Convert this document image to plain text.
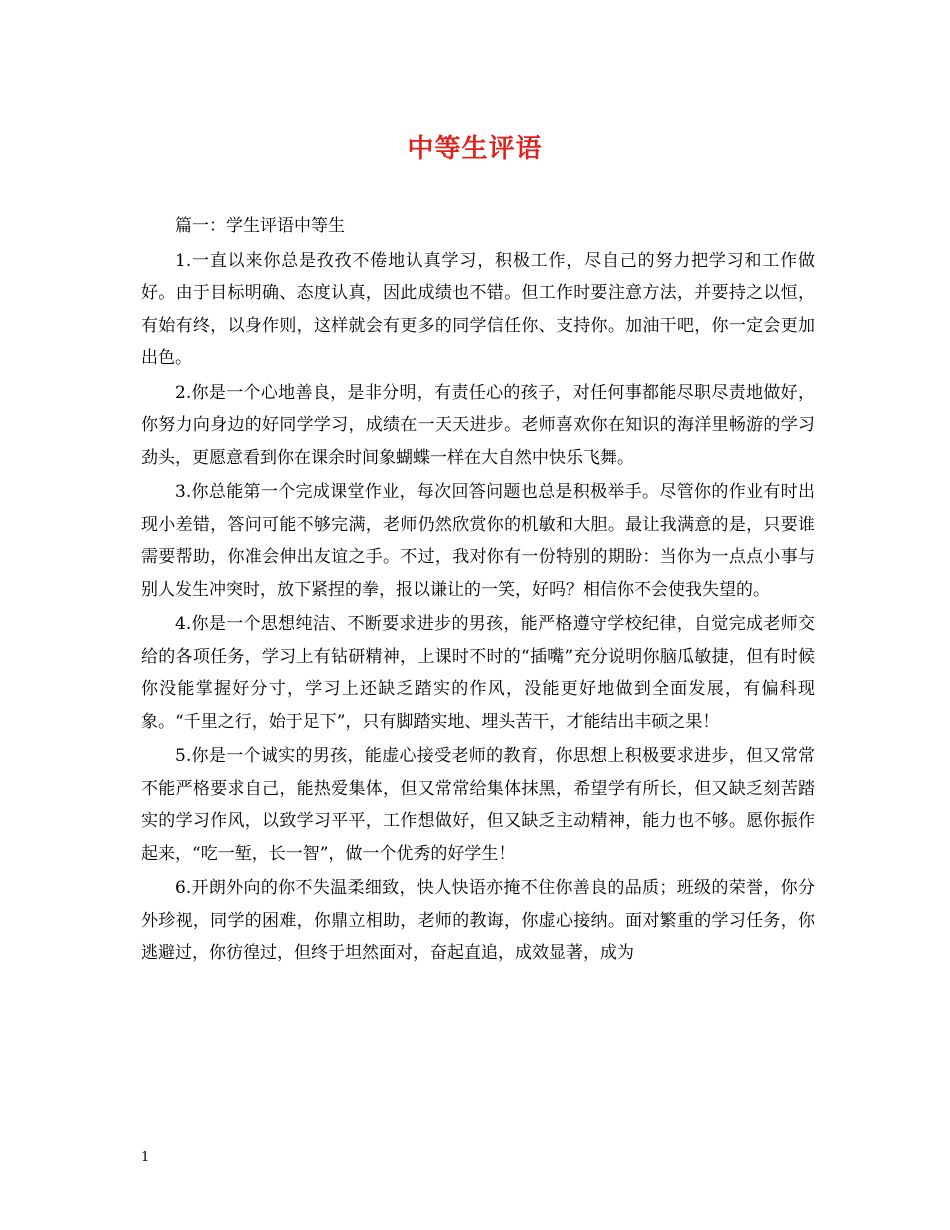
中等生评语

篇一：学生评语中等生

1.一直以来你总是孜孜不倦地认真学习，积极工作，尽自己的努力把学习和工作做好。由于目标明确、态度认真，因此成绩也不错。但工作时要注意方法，并要持之以恒，有始有终，以身作则，这样就会有更多的同学信任你、支持你。加油干吧，你一定会更加出色。

2.你是一个心地善良，是非分明，有责任心的孩子，对任何事都能尽职尽责地做好，你努力向身边的好同学学习，成绩在一天天进步。老师喜欢你在知识的海洋里畅游的学习劲头，更愿意看到你在课余时间象蝴蝶一样在大自然中快乐飞舞。

3.你总能第一个完成课堂作业，每次回答问题也总是积极举手。尽管你的作业有时出现小差错，答问可能不够完满，老师仍然欣赏你的机敏和大胆。最让我满意的是，只要谁需要帮助，你准会伸出友谊之手。不过，我对你有一份特别的期盼：当你为一点点小事与别人发生冲突时，放下紧捏的拳，报以谦让的一笑，好吗？相信你不会使我失望的。

4.你是一个思想纯洁、不断要求进步的男孩，能严格遵守学校纪律，自觉完成老师交给的各项任务，学习上有钻研精神，上课时不时的“插嘴”充分说明你脑瓜敏捷，但有时候你没能掌握好分寸，学习上还缺乏踏实的作风，没能更好地做到全面发展，有偏科现象。“千里之行，始于足下”，只有脚踏实地、埋头苦干，才能结出丰硕之果！

5.你是一个诚实的男孩，能虚心接受老师的教育，你思想上积极要求进步，但又常常不能严格要求自己，能热爱集体，但又常常给集体抹黑，希望学有所长，但又缺乏刻苦踏实的学习作风，以致学习平平，工作想做好，但又缺乏主动精神，能力也不够。愿你振作起来，“吃一堑，长一智”，做一个优秀的好学生！

6.开朗外向的你不失温柔细致，快人快语亦掩不住你善良的品质；班级的荣誉，你分外珍视，同学的困难，你鼎立相助，老师的教诲，你虚心接纳。面对繁重的学习任务，你逃避过，你彷徨过，但终于坦然面对，奋起直追，成效显著，成为

1
